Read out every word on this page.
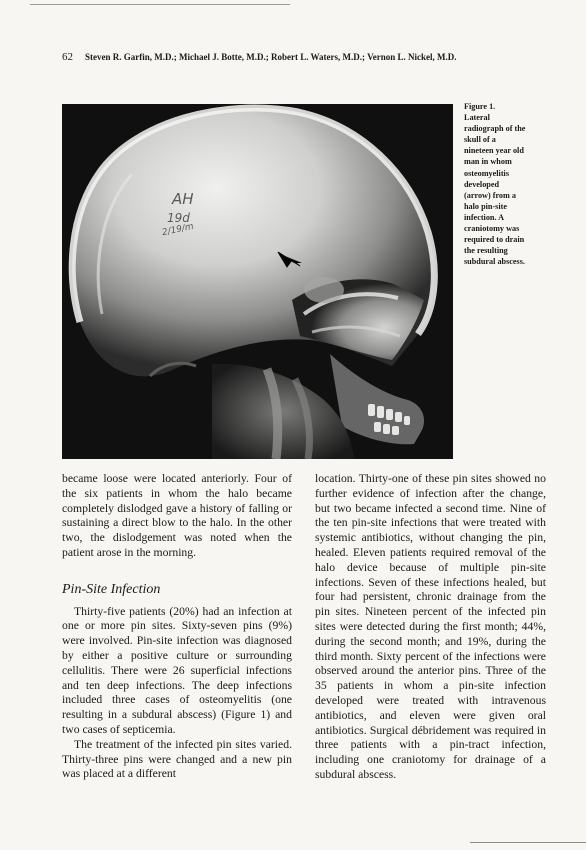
62 Steven R. Garfin, M.D.; Michael J. Botte, M.D.; Robert L. Waters, M.D.; Vernon L. Nickel, M.D.
AH
19d
2/19/m
Figure 1.
Lateral
radiograph of the
skull of a
nineteen year old
man in whom
osteomyelitis
developed
(arrow) from a
halo pin-site
infection. A
craniotomy was
required to drain
the resulting
subdural abscess.

became loose were located anteriorly. Four of the six patients in whom the halo became completely dislodged gave a history of falling or sustaining a direct blow to the halo. In the other two, the dislodgement was noted when the patient arose in the morning.

Pin-Site Infection

Thirty-five patients (20%) had an infection at one or more pin sites. Sixty-seven pins (9%) were involved. Pin-site infection was diagnosed by either a positive culture or surrounding cellulitis. There were 26 superficial infections and ten deep infections. The deep infections included three cases of osteomyelitis (one resulting in a subdural abscess) (Figure 1) and two cases of septicemia.

The treatment of the infected pin sites varied. Thirty-three pins were changed and a new pin was placed at a different

location. Thirty-one of these pin sites showed no further evidence of infection after the change, but two became infected a second time. Nine of the ten pin-site infections that were treated with systemic antibiotics, without changing the pin, healed. Eleven patients required removal of the halo device because of multiple pin-site infections. Seven of these infections healed, but four had persistent, chronic drainage from the pin sites. Nineteen percent of the infected pin sites were detected during the first month; 44%, during the second month; and 19%, during the third month. Sixty percent of the infections were observed around the anterior pins. Three of the 35 patients in whom a pin-site infection developed were treated with intravenous antibiotics, and eleven were given oral antibiotics. Surgical débridement was required in three patients with a pin-tract infection, including one craniotomy for drainage of a subdural abscess.
